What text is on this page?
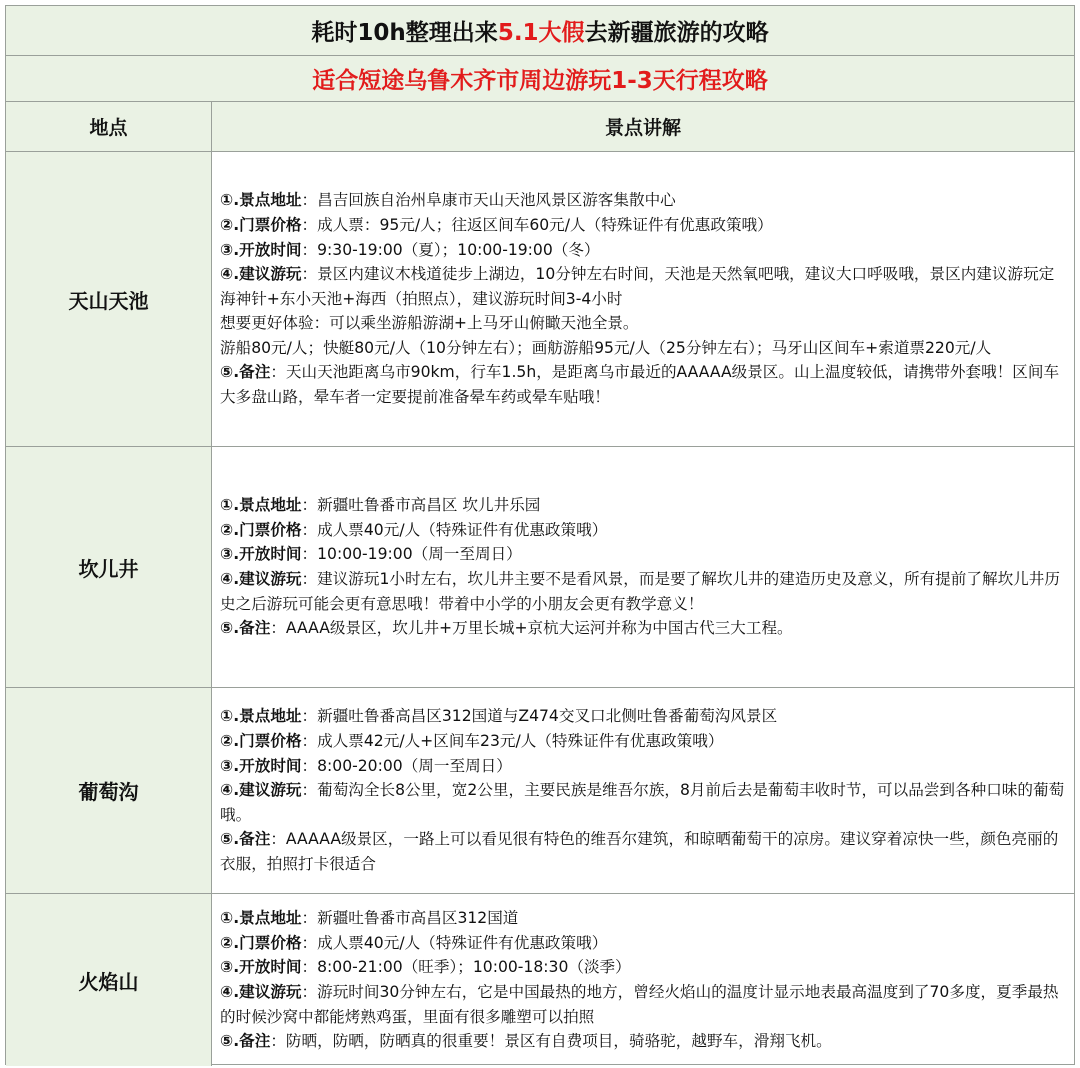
耗时10h整理出来 5.1大假 去新疆旅游的攻略
适合短途乌鲁木齐市周边游玩1-3天行程攻略
地点	景点讲解
天山天池
①.景点地址：昌吉回族自治州阜康市天山天池风景区游客集散中心
②.门票价格：成人票：95元/人；往返区间车60元/人（特殊证件有优惠政策哦）
③.开放时间：9:30-19:00（夏）；10:00-19:00（冬）
④.建议游玩：景区内建议木栈道徒步上湖边，10分钟左右时间，天池是天然氧吧哦，建议大口呼吸哦，景区内建议游玩定海神针+东小天池+海西（拍照点），建议游玩时间3-4小时
想要更好体验：可以乘坐游船游湖+上马牙山俯瞰天池全景。
游船80元/人；快艇80元/人（10分钟左右）；画舫游船95元/人（25分钟左右）；马牙山区间车+索道票220元/人
⑤.备注：天山天池距离乌市90km，行车1.5h，是距离乌市最近的AAAAA级景区。山上温度较低，请携带外套哦！区间车大多盘山路，晕车者一定要提前准备晕车药或晕车贴哦！
坎儿井
①.景点地址：新疆吐鲁番市高昌区 坎儿井乐园
②.门票价格：成人票40元/人（特殊证件有优惠政策哦）
③.开放时间：10:00-19:00（周一至周日）
④.建议游玩：建议游玩1小时左右，坎儿井主要不是看风景，而是要了解坎儿井的建造历史及意义，所有提前了解坎儿井历史之后游玩可能会更有意思哦！带着中小学的小朋友会更有教学意义！
⑤.备注：AAAA级景区，坎儿井+万里长城+京杭大运河并称为中国古代三大工程。
葡萄沟
①.景点地址：新疆吐鲁番高昌区312国道与Z474交叉口北侧吐鲁番葡萄沟风景区
②.门票价格：成人票42元/人+区间车23元/人（特殊证件有优惠政策哦）
③.开放时间：8:00-20:00（周一至周日）
④.建议游玩：葡萄沟全长8公里，宽2公里，主要民族是维吾尔族，8月前后去是葡萄丰收时节，可以品尝到各种口味的葡萄哦。
⑤.备注：AAAAA级景区，一路上可以看见很有特色的维吾尔建筑，和晾晒葡萄干的凉房。建议穿着凉快一些，颜色亮丽的衣服，拍照打卡很适合
火焰山
①.景点地址：新疆吐鲁番市高昌区312国道
②.门票价格：成人票40元/人（特殊证件有优惠政策哦）
③.开放时间：8:00-21:00（旺季）；10:00-18:30（淡季）
④.建议游玩：游玩时间30分钟左右，它是中国最热的地方，曾经火焰山的温度计显示地表最高温度到了70多度，夏季最热的时候沙窝中都能烤熟鸡蛋，里面有很多雕塑可以拍照
⑤.备注：防晒，防晒，防晒真的很重要！景区有自费项目，骑骆驼，越野车，滑翔飞机。
